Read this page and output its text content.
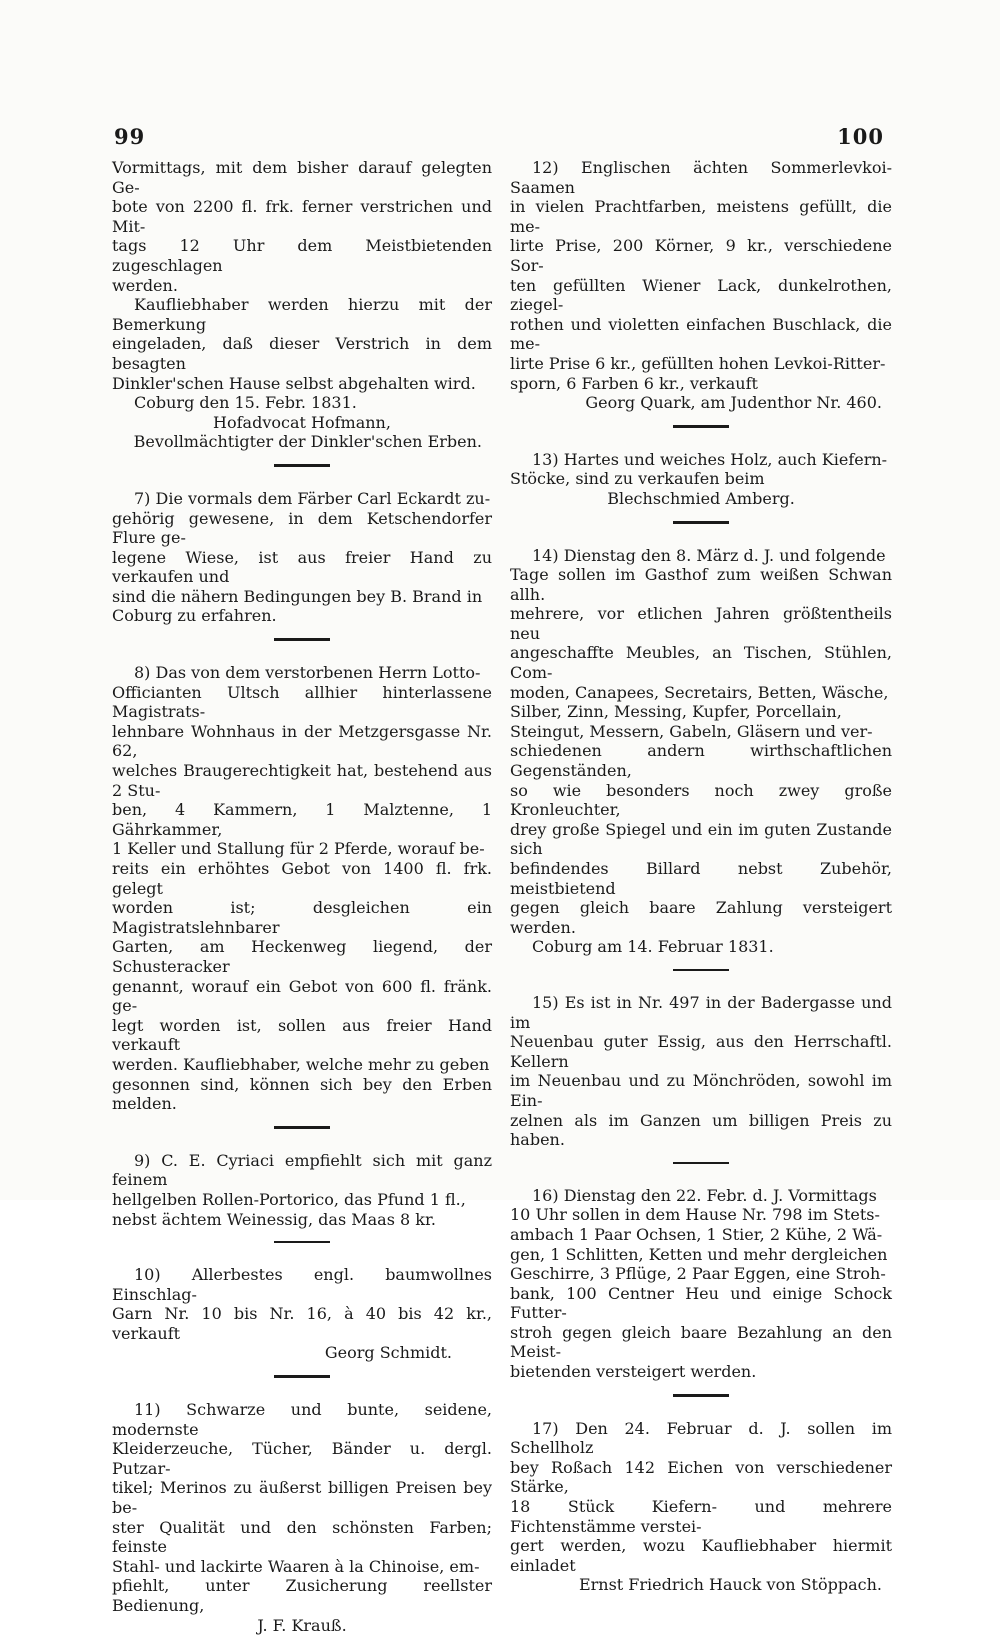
99	100

Vormittags, mit dem bisher darauf gelegten Ge-

bote von 2200 fl. frk. ferner verstrichen und Mit-

tags 12 Uhr dem Meistbietenden zugeschlagen

werden.

Kaufliebhaber werden hierzu mit der Bemerkung

eingeladen, daß dieser Verstrich in dem besagten

Dinkler'schen Hause selbst abgehalten wird.

Coburg den 15. Febr. 1831.

Hofadvocat Hofmann,

Bevollmächtigter der Dinkler'schen Erben.

7) Die vormals dem Färber Carl Eckardt zu-

gehörig gewesene, in dem Ketschendorfer Flure ge-

legene Wiese, ist aus freier Hand zu verkaufen und

sind die nähern Bedingungen bey B. Brand in

Coburg zu erfahren.

8) Das von dem verstorbenen Herrn Lotto-

Officianten Ultsch allhier hinterlassene Magistrats-

lehnbare Wohnhaus in der Metzgersgasse Nr. 62,

welches Braugerechtigkeit hat, bestehend aus 2 Stu-

ben, 4 Kammern, 1 Malztenne, 1 Gährkammer,

1 Keller und Stallung für 2 Pferde, worauf be-

reits ein erhöhtes Gebot von 1400 fl. frk. gelegt

worden ist; desgleichen ein Magistratslehnbarer

Garten, am Heckenweg liegend, der Schusteracker

genannt, worauf ein Gebot von 600 fl. fränk. ge-

legt worden ist, sollen aus freier Hand verkauft

werden. Kaufliebhaber, welche mehr zu geben

gesonnen sind, können sich bey den Erben melden.

9) C. E. Cyriaci empfiehlt sich mit ganz feinem

hellgelben Rollen-Portorico, das Pfund 1 fl.,

nebst ächtem Weinessig, das Maas 8 kr.

10) Allerbestes engl. baumwollnes Einschlag-

Garn Nr. 10 bis Nr. 16, à 40 bis 42 kr., verkauft

Georg Schmidt.

11) Schwarze und bunte, seidene, modernste

Kleiderzeuche, Tücher, Bänder u. dergl. Putzar-

tikel; Merinos zu äußerst billigen Preisen bey be-

ster Qualität und den schönsten Farben; feinste

Stahl- und lackirte Waaren à la Chinoise, em-

pfiehlt, unter Zusicherung reellster Bedienung,

J. F. Krauß.

12) Englischen ächten Sommerlevkoi-Saamen

in vielen Prachtfarben, meistens gefüllt, die me-

lirte Prise, 200 Körner, 9 kr., verschiedene Sor-

ten gefüllten Wiener Lack, dunkelrothen, ziegel-

rothen und violetten einfachen Buschlack, die me-

lirte Prise 6 kr., gefüllten hohen Levkoi-Ritter-

sporn, 6 Farben 6 kr., verkauft

Georg Quark, am Judenthor Nr. 460.

13) Hartes und weiches Holz, auch Kiefern-

Stöcke, sind zu verkaufen beim

Blechschmied Amberg.

14) Dienstag den 8. März d. J. und folgende

Tage sollen im Gasthof zum weißen Schwan allh.

mehrere, vor etlichen Jahren größtentheils neu

angeschaffte Meubles, an Tischen, Stühlen, Com-

moden, Canapees, Secretairs, Betten, Wäsche,

Silber, Zinn, Messing, Kupfer, Porcellain,

Steingut, Messern, Gabeln, Gläsern und ver-

schiedenen andern wirthschaftlichen Gegenständen,

so wie besonders noch zwey große Kronleuchter,

drey große Spiegel und ein im guten Zustande sich

befindendes Billard nebst Zubehör, meistbietend

gegen gleich baare Zahlung versteigert werden.

Coburg am 14. Februar 1831.

15) Es ist in Nr. 497 in der Badergasse und im

Neuenbau guter Essig, aus den Herrschaftl. Kellern

im Neuenbau und zu Mönchröden, sowohl im Ein-

zelnen als im Ganzen um billigen Preis zu haben.

16) Dienstag den 22. Febr. d. J. Vormittags

10 Uhr sollen in dem Hause Nr. 798 im Stets-

ambach 1 Paar Ochsen, 1 Stier, 2 Kühe, 2 Wä-

gen, 1 Schlitten, Ketten und mehr dergleichen

Geschirre, 3 Pflüge, 2 Paar Eggen, eine Stroh-

bank, 100 Centner Heu und einige Schock Futter-

stroh gegen gleich baare Bezahlung an den Meist-

bietenden versteigert werden.

17) Den 24. Februar d. J. sollen im Schellholz

bey Roßach 142 Eichen von verschiedener Stärke,

18 Stück Kiefern- und mehrere Fichtenstämme verstei-

gert werden, wozu Kaufliebhaber hiermit einladet

Ernst Friedrich Hauck von Stöppach.
